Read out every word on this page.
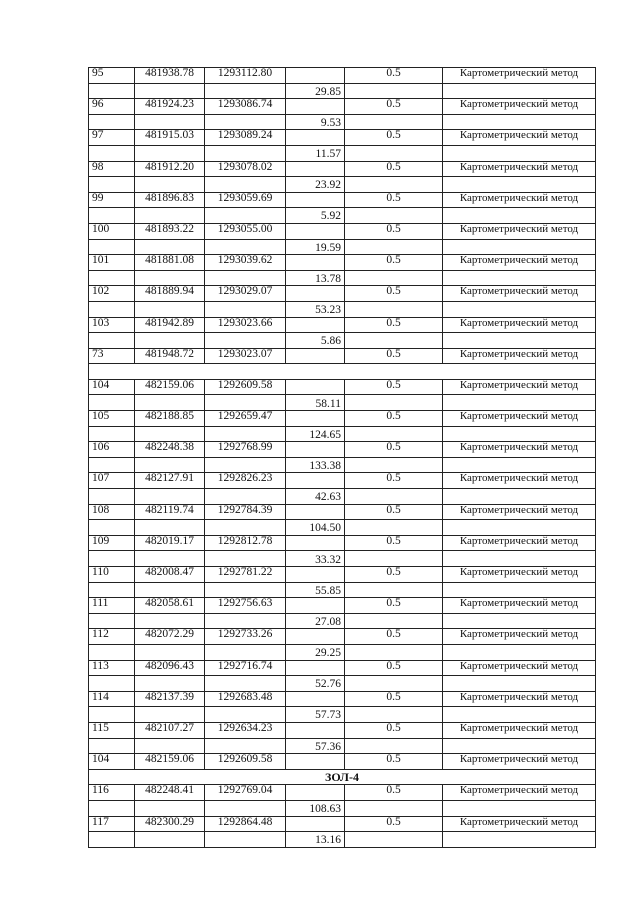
95	481938.78	1293112.80		0.5	Картометрический метод
			29.85		
96	481924.23	1293086.74		0.5	Картометрический метод
			9.53		
97	481915.03	1293089.24		0.5	Картометрический метод
			11.57		
98	481912.20	1293078.02		0.5	Картометрический метод
			23.92		
99	481896.83	1293059.69		0.5	Картометрический метод
			5.92		
100	481893.22	1293055.00		0.5	Картометрический метод
			19.59		
101	481881.08	1293039.62		0.5	Картометрический метод
			13.78		
102	481889.94	1293029.07		0.5	Картометрический метод
			53.23		
103	481942.89	1293023.66		0.5	Картометрический метод
			5.86		
73	481948.72	1293023.07		0.5	Картометрический метод

104	482159.06	1292609.58		0.5	Картометрический метод
			58.11		
105	482188.85	1292659.47		0.5	Картометрический метод
			124.65		
106	482248.38	1292768.99		0.5	Картометрический метод
			133.38		
107	482127.91	1292826.23		0.5	Картометрический метод
			42.63		
108	482119.74	1292784.39		0.5	Картометрический метод
			104.50		
109	482019.17	1292812.78		0.5	Картометрический метод
			33.32		
110	482008.47	1292781.22		0.5	Картометрический метод
			55.85		
111	482058.61	1292756.63		0.5	Картометрический метод
			27.08		
112	482072.29	1292733.26		0.5	Картометрический метод
			29.25		
113	482096.43	1292716.74		0.5	Картометрический метод
			52.76		
114	482137.39	1292683.48		0.5	Картометрический метод
			57.73		
115	482107.27	1292634.23		0.5	Картометрический метод
			57.36		
104	482159.06	1292609.58		0.5	Картометрический метод
ЗОЛ-4					
116	482248.41	1292769.04		0.5	Картометрический метод
			108.63		
117	482300.29	1292864.48		0.5	Картометрический метод
			13.16		
